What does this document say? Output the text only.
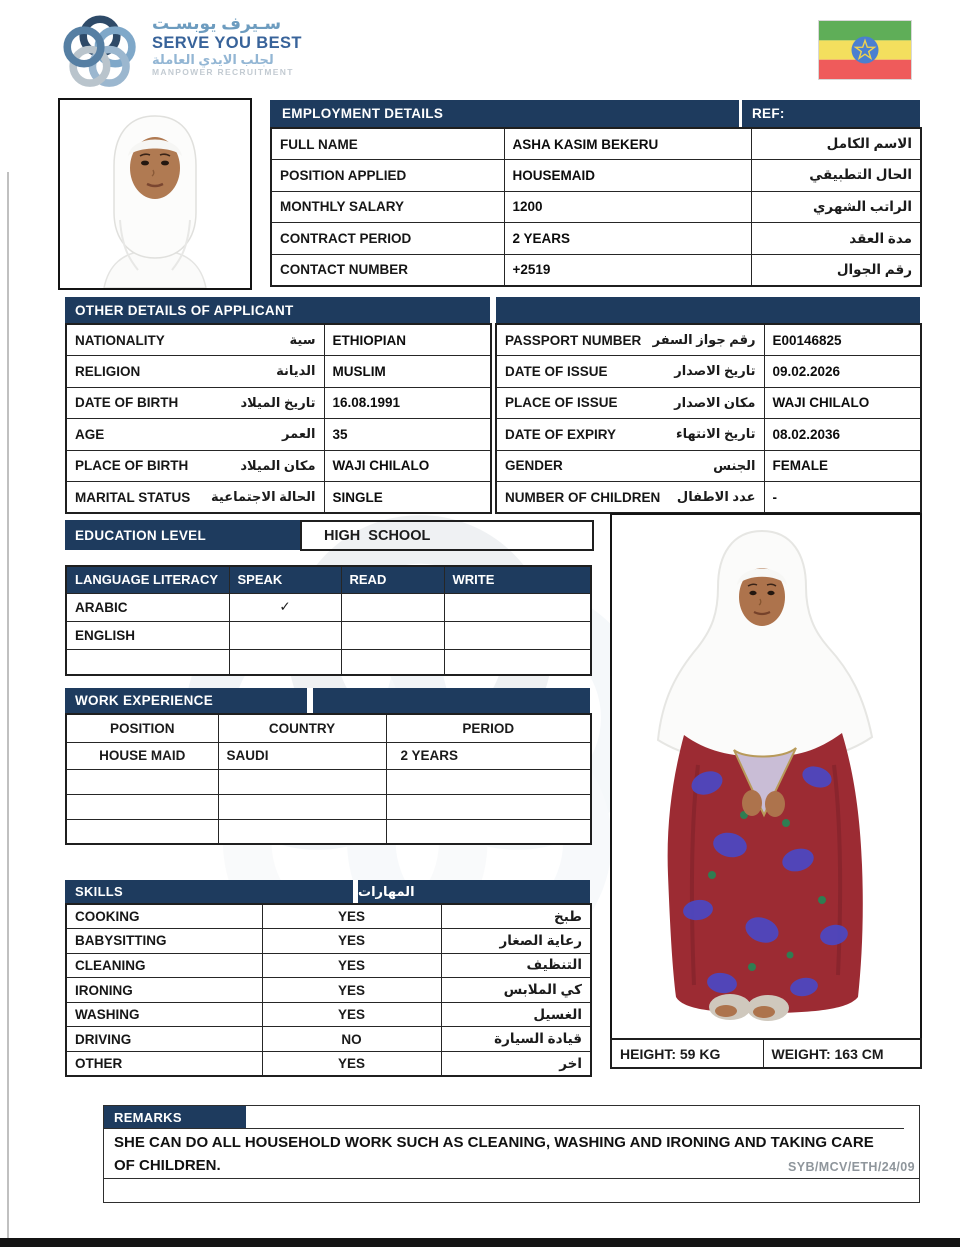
سـيرف يوبسـت
SERVE YOU BEST
لجلب الايدي العاملة
MANPOWER RECRUITMENT
EMPLOYMENT DETAILS	REF:
FULL NAME	ASHA KASIM BEKERU	الاسم الكامل
POSITION APPLIED	HOUSEMAID	الحال التطبيقي
MONTHLY SALARY	1200	الراتب الشهري
CONTRACT PERIOD	2 YEARS	مدة العقد
CONTACT NUMBER	+2519	رقم الجوال
OTHER DETAILS OF APPLICANT
NATIONALITY سية	ETHIOPIAN

RELIGION الديانة	MUSLIM

DATE OF BIRTH تاريخ الميلاد	16.08.1991

AGE العمر	35

PLACE OF BIRTH مكان الميلاد	WAJI CHILALO

MARITAL STATUS الحالة الاجتماعية	SINGLE
PASSPORT NUMBER رقم جواز السفر	E00146825

DATE OF ISSUE تاريخ الاصدار	09.02.2026

PLACE OF ISSUE مكان الاصدار	WAJI CHILALO

DATE OF EXPIRY تاريخ الانتهاء	08.02.2036

GENDER الجنس	FEMALE

NUMBER OF CHILDREN عدد الاطفال	-
EDUCATION LEVEL	HIGH  SCHOOL
LANGUAGE LITERACY	SPEAK	READ	WRITE
ARABIC	✓		
ENGLISH			

WORK EXPERIENCE
POSITION	COUNTRY	PERIOD
HOUSE MAID	SAUDI	2 YEARS

HEIGHT: 59 KG	WEIGHT: 163 CM
SKILLS	المهارات
COOKING	YES	طبخ
BABYSITTING	YES	رعاية الصغار
CLEANING	YES	التنظيف
IRONING	YES	كي الملابس
WASHING	YES	الغسيل
DRIVING	NO	قيادة السيارة
OTHER	YES	اخر
REMARKS
SHE CAN DO ALL HOUSEHOLD WORK SUCH AS CLEANING, WASHING AND IRONING AND TAKING CARE OF CHILDREN.	SYB/MCV/ETH/24/09
